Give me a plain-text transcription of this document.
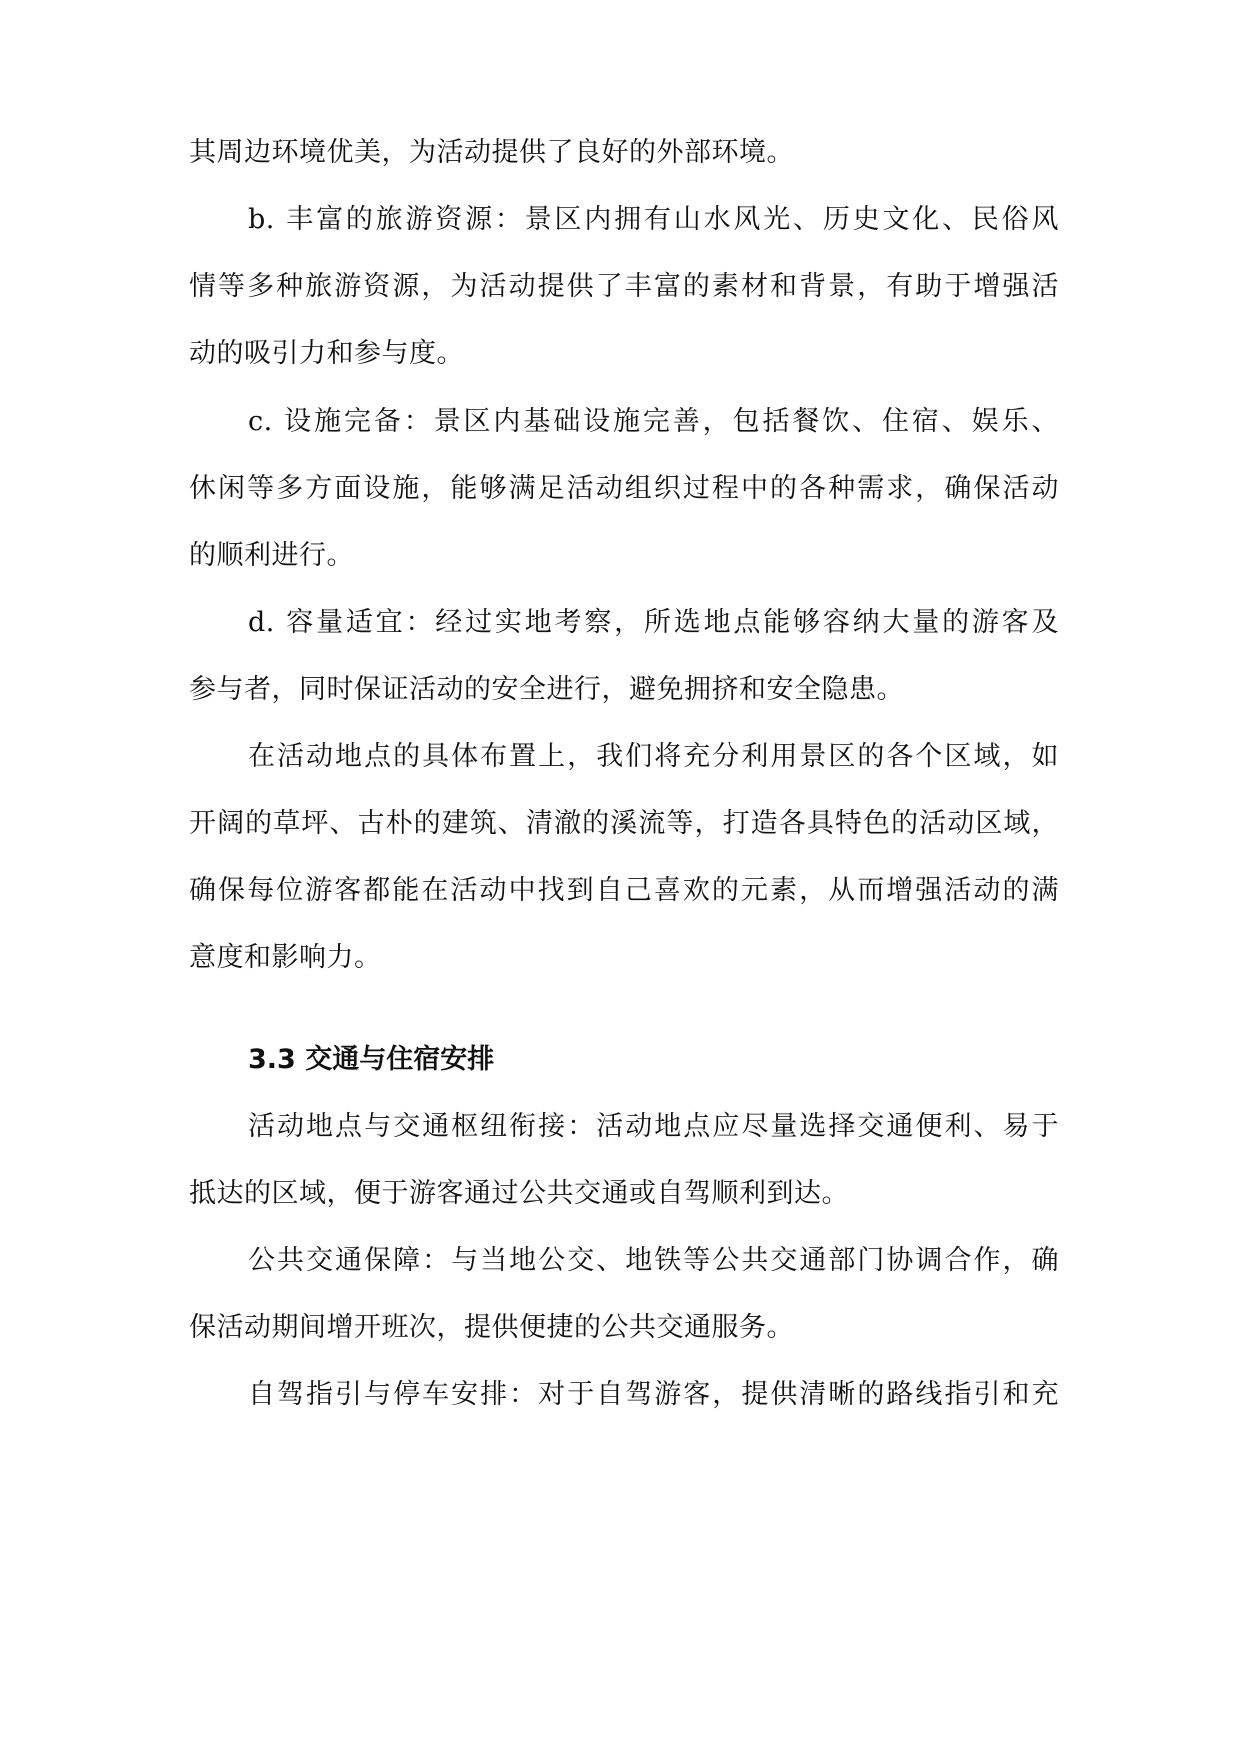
其周边环境优美，为活动提供了良好的外部环境。
b. 丰富的旅游资源：景区内拥有山水风光、历史文化、民俗风
情等多种旅游资源，为活动提供了丰富的素材和背景，有助于增强活
动的吸引力和参与度。
c. 设施完备：景区内基础设施完善，包括餐饮、住宿、娱乐、
休闲等多方面设施，能够满足活动组织过程中的各种需求，确保活动
的顺利进行。
d. 容量适宜：经过实地考察，所选地点能够容纳大量的游客及
参与者，同时保证活动的安全进行，避免拥挤和安全隐患。
在活动地点的具体布置上，我们将充分利用景区的各个区域，如
开阔的草坪、古朴的建筑、清澈的溪流等，打造各具特色的活动区域，
确保每位游客都能在活动中找到自己喜欢的元素，从而增强活动的满
意度和影响力。
3.3 交通与住宿安排
活动地点与交通枢纽衔接：活动地点应尽量选择交通便利、易于
抵达的区域，便于游客通过公共交通或自驾顺利到达。
公共交通保障：与当地公交、地铁等公共交通部门协调合作，确
保活动期间增开班次，提供便捷的公共交通服务。
自驾指引与停车安排：对于自驾游客，提供清晰的路线指引和充
